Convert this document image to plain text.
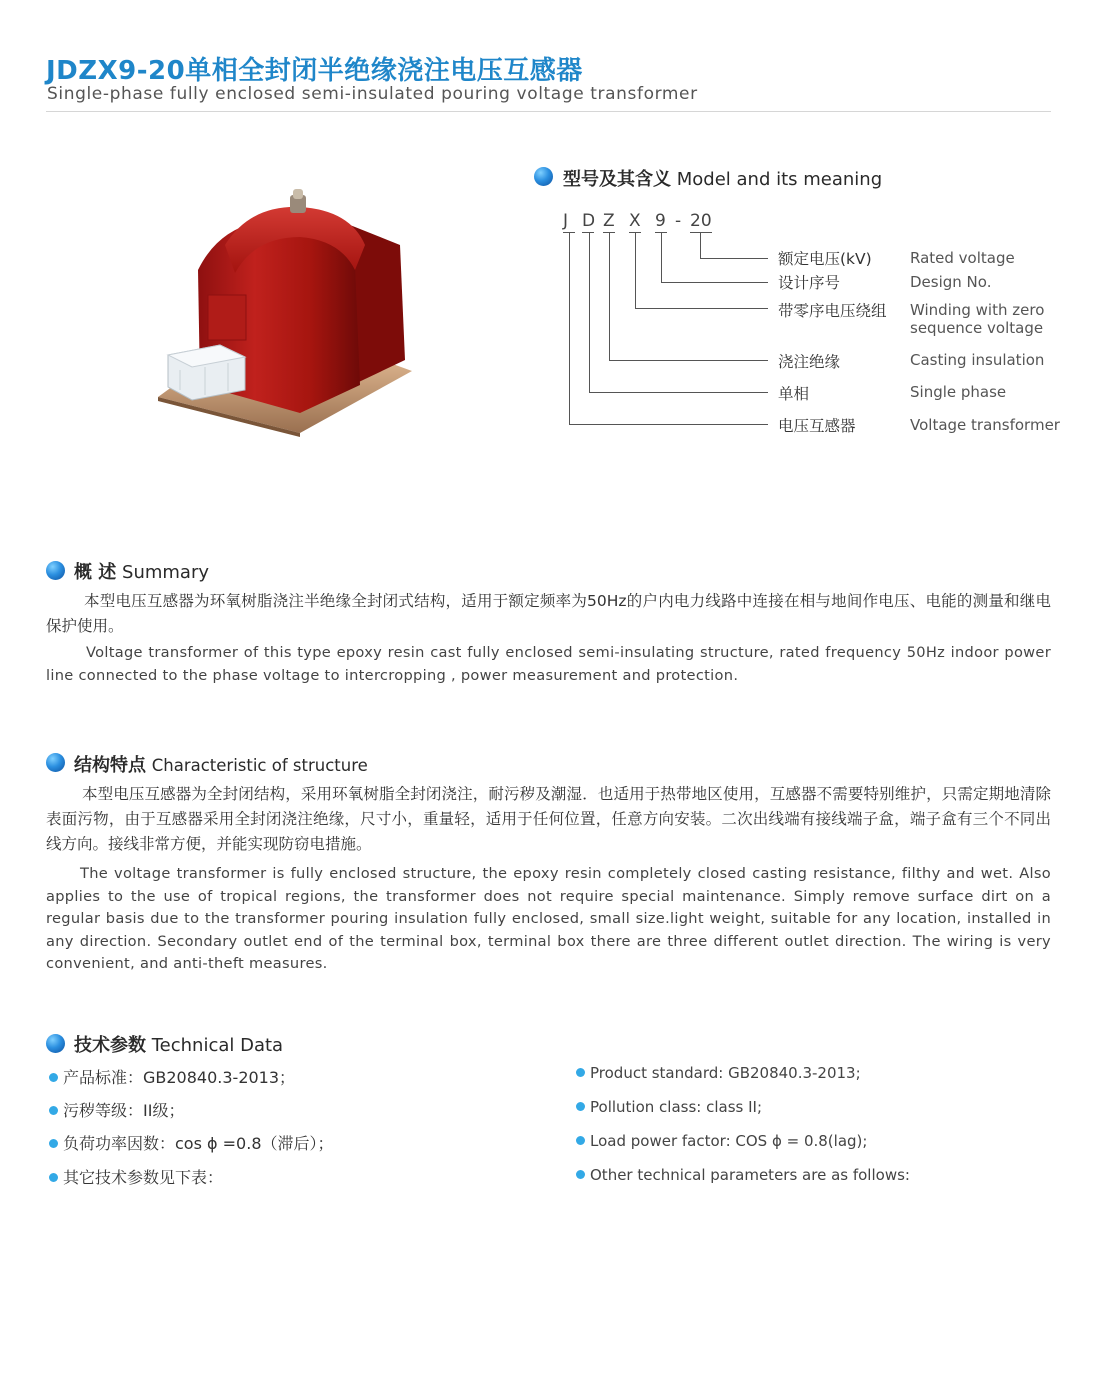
JDZX9-20单相全封闭半绝缘浇注电压互感器
Single-phase fully enclosed semi-insulated pouring voltage transformer
型号及其含义 Model and its meaning
J D Z X 9 - 20
额定电压(kV)	Rated voltage
设计序号	Design No.
带零序电压绕组 Winding with zero sequence voltage
浇注绝缘	Casting insulation
单相	Single phase
电压互感器	Voltage transformer
概 述 Summary

本型电压互感器为环氧树脂浇注半绝缘全封闭式结构，适用于额定频率为50Hz的户内电力线路中连接在相与地间作电压、电能的测量和继电保护使用。

Voltage transformer of this type epoxy resin cast fully enclosed semi-insulating structure, rated frequency 50Hz indoor power line connected to the phase voltage to intercropping , power measurement and protection.

结构特点 Characteristic of structure

本型电压互感器为全封闭结构，采用环氧树脂全封闭浇注，耐污秽及潮湿．也适用于热带地区使用，互感器不需要特别维护，只需定期地清除表面污物，由于互感器采用全封闭浇注绝缘，尺寸小，重量轻，适用于任何位置，任意方向安装。二次出线端有接线端子盒，端子盒有三个不同出线方向。接线非常方便，并能实现防窃电措施。

The voltage transformer is fully enclosed structure, the epoxy resin completely closed casting resistance, filthy and wet. Also applies to the use of tropical regions, the transformer does not require special maintenance. Simply remove surface dirt on a regular basis due to the transformer pouring insulation fully enclosed, small size.light weight, suitable for any location, installed in any direction. Secondary outlet end of the terminal box, terminal box there are three different outlet direction. The wiring is very convenient, and anti-theft measures.

技术参数 Technical Data
产品标准：GB20840.3-2013；
污秽等级：II级；
负荷功率因数：cos ϕ =0.8（滞后）；
其它技术参数见下表：
Product standard: GB20840.3-2013;
Pollution class: class II;
Load power factor: COS ϕ = 0.8(lag);
Other technical parameters are as follows:
